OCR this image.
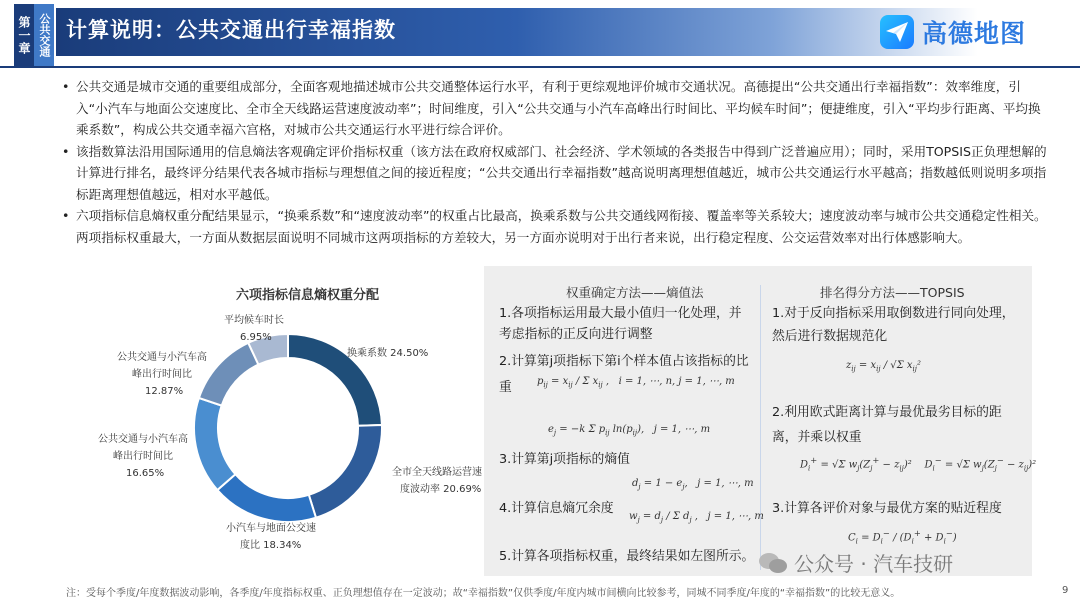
第一章 公共交通 计算说明：公共交通出行幸福指数	高德地图

• 公共交通是城市交通的重要组成部分，全面客观地描述城市公共交通整体运行水平，有利于更综观地评价城市交通状况。高德提出“公共交通出行幸福指数”：效率维度，引入“小汽车与地面公交速度比、全市全天线路运营速度波动率”；时间维度，引入“公共交通与小汽车高峰出行时间比、平均候车时间”；便捷维度，引入“平均步行距离、平均换乘系数”，构成公共交通幸福六宫格，对城市公共交通运行水平进行综合评价。

• 该指数算法沿用国际通用的信息熵法客观确定评价指标权重（该方法在政府权威部门、社会经济、学术领域的各类报告中得到广泛普遍应用）；同时，采用TOPSIS正负理想解的计算进行排名，最终评分结果代表各城市指标与理想值之间的接近程度；“公共交通出行幸福指数”越高说明离理想值越近，城市公共交通运行水平越高；指数越低则说明多项指标距离理想值越远，相对水平越低。

• 六项指标信息熵权重分配结果显示，“换乘系数”和“速度波动率”的权重占比最高，换乘系数与公共交通线网衔接、覆盖率等关系较大；速度波动率与城市公共交通稳定性相关。两项指标权重最大，一方面从数据层面说明不同城市这两项指标的方差较大，另一方面亦说明对于出行者来说，出行稳定程度、公交运营效率对出行体感影响大。

六项指标信息熵权重分配
换乘系数 24.50%
全市全天线路运营速
度波动率 20.69%
小汽车与地面公交速
度比 18.34%
公共交通与小汽车高
峰出行时间比
16.65%
公共交通与小汽车高
峰出行时间比
12.87%
平均候车时长
6.95%
权重确定方法——熵值法
1.各项指标运用最大最小值归一化处理，并
考虑指标的正反向进行调整
2.计算第j项指标下第i个样本值占该指标的比
重	$p_{ij} = x_{ij} / \Sigma$ $x_{ij}$ ,   i = 1, ⋯, n, j = 1, ⋯, m
$e_j = -k$ Σ $p_{ij}$ $\ln(p_{ij})$,   j = 1, ⋯, m
3.计算第j项指标的熵值
$d_j = 1 - e_j$,   j = 1, ⋯, m
4.计算信息熵冗余度
$w_j = d_j / \Sigma$ $d_j$ ,   j = 1, ⋯, m
5.计算各项指标权重，最终结果如左图所示。
排名得分方法——TOPSIS
1.对于反向指标采用取倒数进行同向处理，
然后进行数据规范化
$z_{ij} = x_{ij} / √\Sigma$ $x_{ij}^2$
2.利用欧式距离计算与最优最劣目标的距
离，并乘以权重
$D_i^+ = √\Sigma$ $w_j(Z_j^+ - z_{ij})^2$    $D_i^- = √\Sigma$ $w_j(Z_j^- - z_{ij})^2$
3.计算各评价对象与最优方案的贴近程度
$C_i = D_i^- / (D_i^+ + D_i^-)$
公众号 · 汽车技研
注：受每个季度/年度数据波动影响，各季度/年度指标权重、正负理想值存在一定波动；故“幸福指数”仅供季度/年度内城市间横向比较参考，同城不同季度/年度的“幸福指数”的比较无意义。	9
